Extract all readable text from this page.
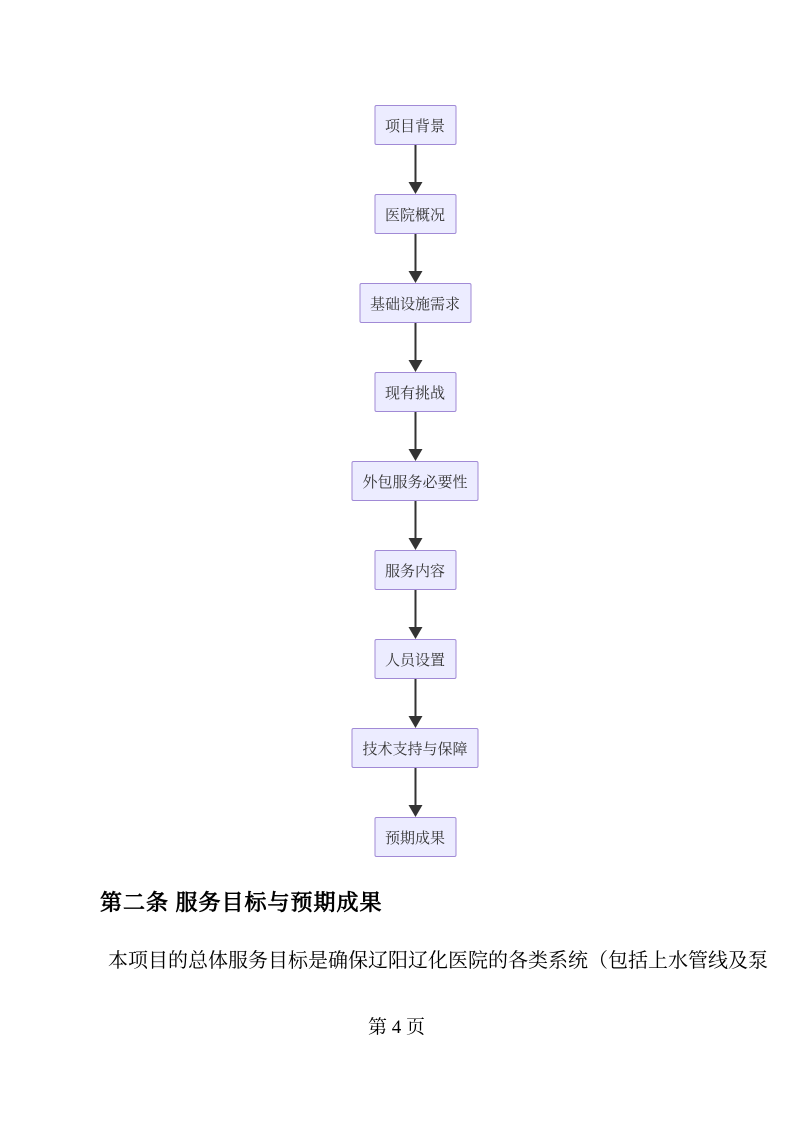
项目背景
医院概况
基础设施需求
现有挑战
外包服务必要性
服务内容
人员设置
技术支持与保障
预期成果
第二条 服务目标与预期成果
本项目的总体服务目标是确保辽阳辽化医院的各类系统（包括上水管线及泵
第 4 页
